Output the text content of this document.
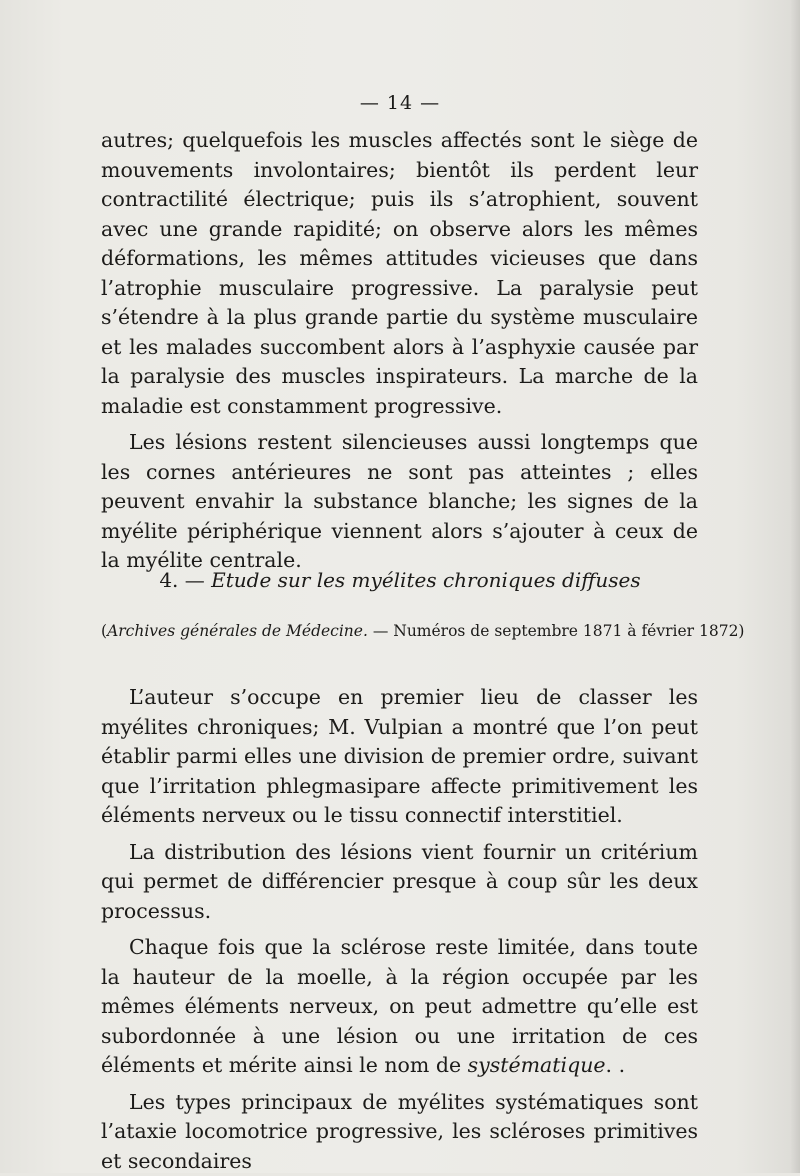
— 14 —

autres; quelquefois les muscles affectés sont le siège de mouvements involontaires; bientôt ils perdent leur contractilité électrique; puis ils s’atrophient, souvent avec une grande rapidité; on observe alors les mêmes déformations, les mêmes attitudes vicieuses que dans l’atrophie musculaire progressive. La paralysie peut s’étendre à la plus grande partie du système musculaire et les malades succombent alors à l’asphyxie causée par la paralysie des muscles inspirateurs. La marche de la maladie est constamment progressive.

Les lésions restent silencieuses aussi longtemps que les cornes antérieures ne sont pas atteintes ; elles peuvent envahir la substance blanche; les signes de la myélite périphérique viennent alors s’ajouter à ceux de la myélite centrale.

4. — Etude sur les myélites chroniques diffuses
(Archives générales de Médecine. — Numéros de septembre 1871 à février 1872)

L’auteur s’occupe en premier lieu de classer les myélites chroniques; M. Vulpian a montré que l’on peut établir parmi elles une division de premier ordre, suivant que l’irritation phlegmasipare affecte primitivement les éléments nerveux ou le tissu connectif interstitiel.

La distribution des lésions vient fournir un critérium qui permet de différencier presque à coup sûr les deux processus.

Chaque fois que la sclérose reste limitée, dans toute la hauteur de la moelle, à la région occupée par les mêmes éléments nerveux, on peut admettre qu’elle est subordonnée à une lésion ou une irritation de ces éléments et mérite ainsi le nom de systématique. .

Les types principaux de myélites systématiques sont l’ataxie locomotrice progressive, les scléroses primitives et secondaires
